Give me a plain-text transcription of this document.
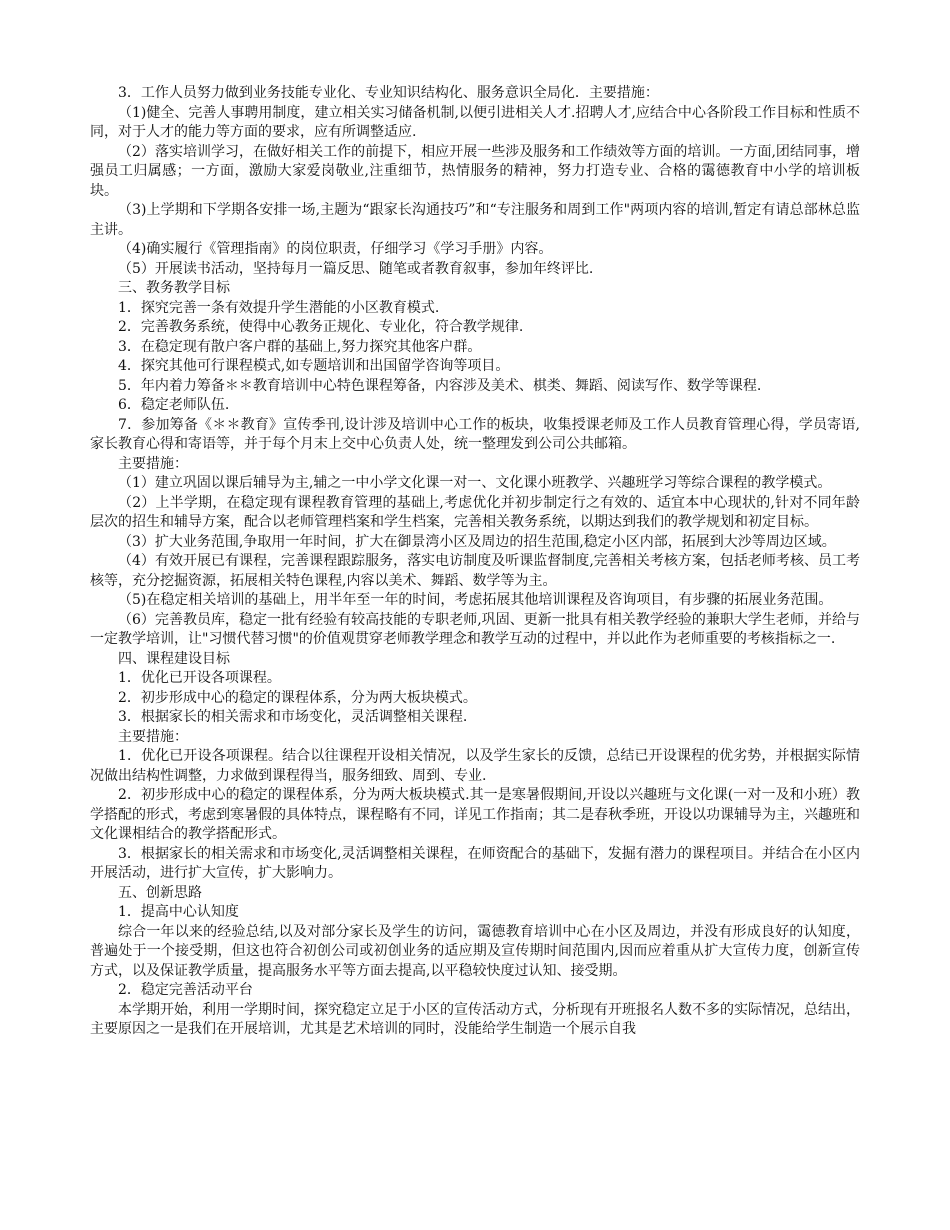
3．工作人员努力做到业务技能专业化、专业知识结构化、服务意识全局化．主要措施：

（1)健全、完善人事聘用制度，建立相关实习储备机制,以便引进相关人才.招聘人才,应结合中心各阶段工作目标和性质不同，对于人才的能力等方面的要求，应有所调整适应.

（2）落实培训学习，在做好相关工作的前提下，相应开展一些涉及服务和工作绩效等方面的培训。一方面,团结同事，增强员工归属感；一方面，激励大家爱岗敬业,注重细节，热情服务的精神，努力打造专业、合格的霭德教育中小学的培训板块。

（3)上学期和下学期各安排一场,主题为“跟家长沟通技巧”和“专注服务和周到工作"两项内容的培训,暂定有请总部林总监主讲。

（4)确实履行《管理指南》的岗位职责，仔细学习《学习手册》内容。

（5）开展读书活动，坚持每月一篇反思、随笔或者教育叙事，参加年终评比.

三、教务教学目标

1．探究完善一条有效提升学生潜能的小区教育模式.

2．完善教务系统，使得中心教务正规化、专业化，符合教学规律.

3．在稳定现有散户客户群的基础上,努力探究其他客户群。

4．探究其他可行课程模式,如专题培训和出国留学咨询等项目。

5．年内着力筹备＊＊教育培训中心特色课程筹备，内容涉及美术、棋类、舞蹈、阅读写作、数学等课程.

6．稳定老师队伍.

7．参加筹备《＊＊教育》宣传季刊,设计涉及培训中心工作的板块，收集授课老师及工作人员教育管理心得，学员寄语,家长教育心得和寄语等，并于每个月末上交中心负责人处，统一整理发到公司公共邮箱。

主要措施：

（1）建立巩固以课后辅导为主,辅之一中小学文化课一对一、文化课小班教学、兴趣班学习等综合课程的教学模式。

（2）上半学期，在稳定现有课程教育管理的基础上,考虑优化并初步制定行之有效的、适宜本中心现状的,针对不同年龄层次的招生和辅导方案，配合以老师管理档案和学生档案，完善相关教务系统，以期达到我们的教学规划和初定目标。

（3）扩大业务范围,争取用一年时间，扩大在御景湾小区及周边的招生范围,稳定小区内部，拓展到大沙等周边区域。

（4）有效开展已有课程，完善课程跟踪服务，落实电访制度及听课监督制度,完善相关考核方案，包括老师考核、员工考核等，充分挖掘资源，拓展相关特色课程,内容以美术、舞蹈、数学等为主。

（5)在稳定相关培训的基础上，用半年至一年的时间，考虑拓展其他培训课程及咨询项目，有步骤的拓展业务范围。

（6）完善教员库，稳定一批有经验有较高技能的专职老师,巩固、更新一批具有相关教学经验的兼职大学生老师，并给与一定教学培训，让"习惯代替习惯"的价值观贯穿老师教学理念和教学互动的过程中，并以此作为老师重要的考核指标之一.

四、课程建设目标

1．优化已开设各项课程。

2．初步形成中心的稳定的课程体系，分为两大板块模式。

3．根据家长的相关需求和市场变化，灵活调整相关课程.

主要措施：

1．优化已开设各项课程。结合以往课程开设相关情况，以及学生家长的反馈，总结已开设课程的优劣势，并根据实际情况做出结构性调整，力求做到课程得当，服务细致、周到、专业.

2．初步形成中心的稳定的课程体系，分为两大板块模式.其一是寒暑假期间,开设以兴趣班与文化课(一对一及和小班）教学搭配的形式，考虑到寒暑假的具体特点，课程略有不同，详见工作指南；其二是春秋季班，开设以功课辅导为主，兴趣班和文化课相结合的教学搭配形式。

3．根据家长的相关需求和市场变化,灵活调整相关课程，在师资配合的基础下，发掘有潜力的课程项目。并结合在小区内开展活动，进行扩大宣传，扩大影响力。

五、创新思路

1．提高中心认知度

综合一年以来的经验总结,以及对部分家长及学生的访问，霭德教育培训中心在小区及周边，并没有形成良好的认知度，普遍处于一个接受期，但这也符合初创公司或初创业务的适应期及宣传期时间范围内,因而应着重从扩大宣传力度，创新宣传方式，以及保证教学质量，提高服务水平等方面去提高,以平稳较快度过认知、接受期。

2．稳定完善活动平台

本学期开始，利用一学期时间，探究稳定立足于小区的宣传活动方式，分析现有开班报名人数不多的实际情况，总结出，主要原因之一是我们在开展培训，尤其是艺术培训的同时，没能给学生制造一个展示自我
